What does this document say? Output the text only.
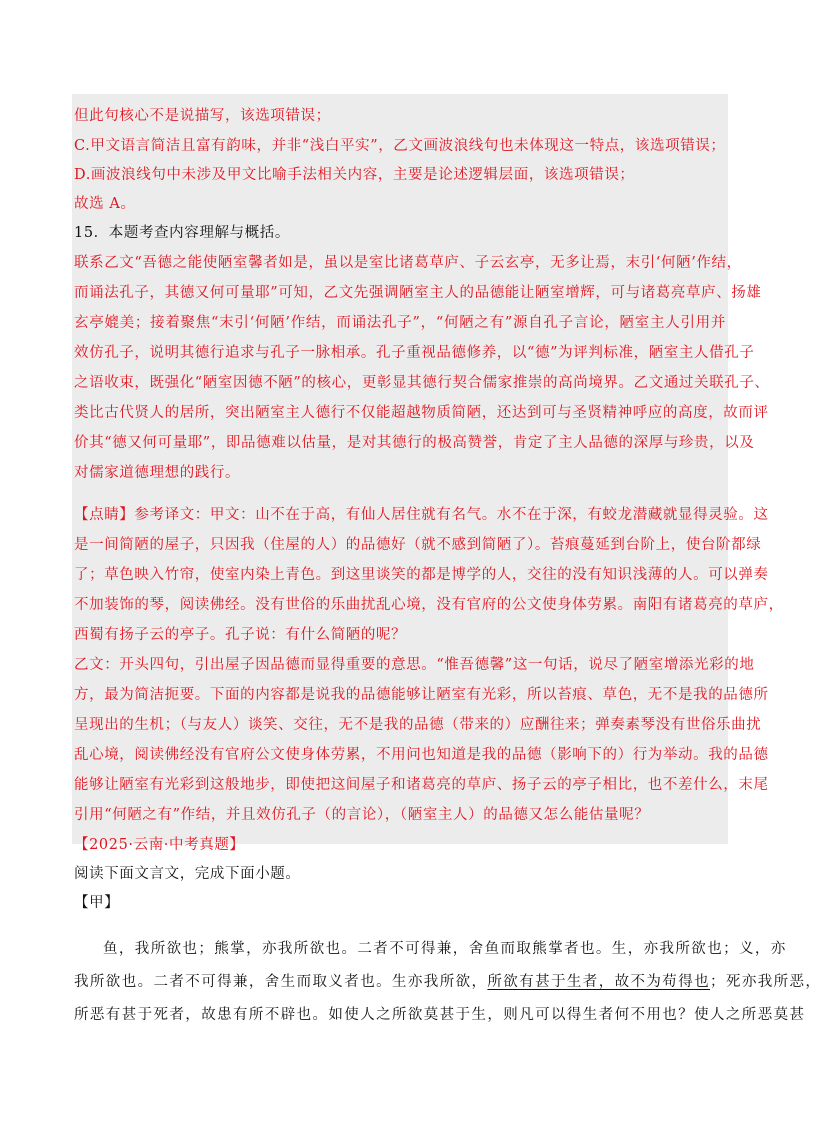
但此句核心不是说描写，该选项错误；
C.甲文语言简洁且富有韵味，并非“浅白平实”，乙文画波浪线句也未体现这一特点，该选项错误；
D.画波浪线句中未涉及甲文比喻手法相关内容，主要是论述逻辑层面，该选项错误；
故选 A。
15．本题考查内容理解与概括。
联系乙文“吾德之能使陋室馨者如是，虽以是室比诸葛草庐、子云玄亭，无多让焉，末引‘何陋’作结，
而诵法孔子，其德又何可量耶”可知，乙文先强调陋室主人的品德能让陋室增辉，可与诸葛亮草庐、扬雄
玄亭媲美；接着聚焦“末引‘何陋’作结，而诵法孔子”，“何陋之有”源自孔子言论，陋室主人引用并
效仿孔子，说明其德行追求与孔子一脉相承。孔子重视品德修养，以“德”为评判标准，陋室主人借孔子
之语收束，既强化“陋室因德不陋”的核心，更彰显其德行契合儒家推崇的高尚境界。乙文通过关联孔子、
类比古代贤人的居所，突出陋室主人德行不仅能超越物质简陋，还达到可与圣贤精神呼应的高度，故而评
价其“德又何可量耶”，即品德难以估量，是对其德行的极高赞誉，肯定了主人品德的深厚与珍贵，以及
对儒家道德理想的践行。
【点睛】参考译文：甲文：山不在于高，有仙人居住就有名气。水不在于深，有蛟龙潜藏就显得灵验。这
是一间简陋的屋子，只因我（住屋的人）的品德好（就不感到简陋了）。苔痕蔓延到台阶上，使台阶都绿
了；草色映入竹帘，使室内染上青色。到这里谈笑的都是博学的人，交往的没有知识浅薄的人。可以弹奏
不加装饰的琴，阅读佛经。没有世俗的乐曲扰乱心境，没有官府的公文使身体劳累。南阳有诸葛亮的草庐，
西蜀有扬子云的亭子。孔子说：有什么简陋的呢？
乙文：开头四句，引出屋子因品德而显得重要的意思。“惟吾德馨”这一句话，说尽了陋室增添光彩的地
方，最为简洁扼要。下面的内容都是说我的品德能够让陋室有光彩，所以苔痕、草色，无不是我的品德所
呈现出的生机；（与友人）谈笑、交往，无不是我的品德（带来的）应酬往来；弹奏素琴没有世俗乐曲扰
乱心境，阅读佛经没有官府公文使身体劳累，不用问也知道是我的品德（影响下的）行为举动。我的品德
能够让陋室有光彩到这般地步，即使把这间屋子和诸葛亮的草庐、扬子云的亭子相比，也不差什么，末尾
引用“何陋之有”作结，并且效仿孔子（的言论），（陋室主人）的品德又怎么能估量呢？
【2025·云南·中考真题】
阅读下面文言文，完成下面小题。
【甲】
鱼，我所欲也；熊掌，亦我所欲也。二者不可得兼，舍鱼而取熊掌者也。生，亦我所欲也；义，亦
我所欲也。二者不可得兼，舍生而取义者也。生亦我所欲，所欲有甚于生者，故不为苟得也；死亦我所恶，
所恶有甚于死者，故患有所不辟也。如使人之所欲莫甚于生，则凡可以得生者何不用也？使人之所恶莫甚
